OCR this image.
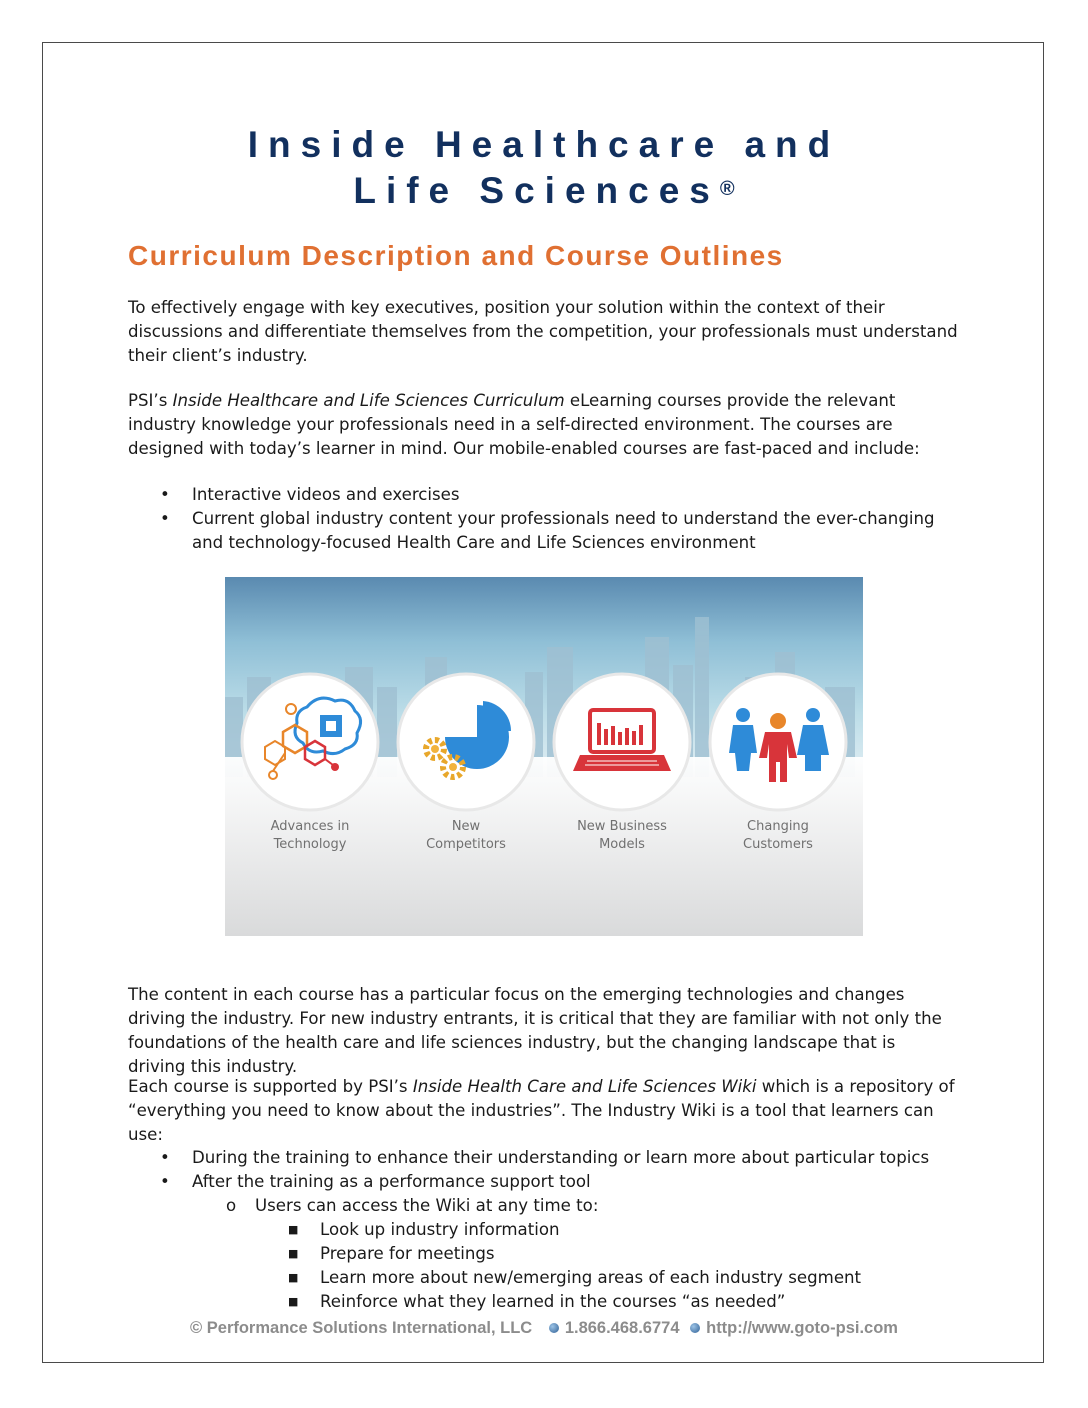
Inside Healthcare and
Life Sciences®
Curriculum Description and Course Outlines
To effectively engage with key executives, position your solution within the context of their discussions and differentiate themselves from the competition, your professionals must understand their client’s industry.
PSI’s Inside Healthcare and Life Sciences Curriculum eLearning courses provide the relevant industry knowledge your professionals need in a self-directed environment. The courses are designed with today’s learner in mind. Our mobile-enabled courses are fast-paced and include:
• Interactive videos and exercises
• Current global industry content your professionals need to understand the ever-changing and technology-focused Health Care and Life Sciences environment
Advances in
Technology
New
Competitors
New Business
Models
Changing
Customers
The content in each course has a particular focus on the emerging technologies and changes driving the industry. For new industry entrants, it is critical that they are familiar with not only the foundations of the health care and life sciences industry, but the changing landscape that is driving this industry.
Each course is supported by PSI’s Inside Health Care and Life Sciences Wiki which is a repository of “everything you need to know about the industries”. The Industry Wiki is a tool that learners can use:
• During the training to enhance their understanding or learn more about particular topics
• After the training as a performance support tool
o Users can access the Wiki at any time to:
■ Look up industry information
■ Prepare for meetings
■ Learn more about new/emerging areas of each industry segment
■ Reinforce what they learned in the courses “as needed”
© Performance Solutions International, LLC 1.866.468.6774 http://www.goto-psi.com
